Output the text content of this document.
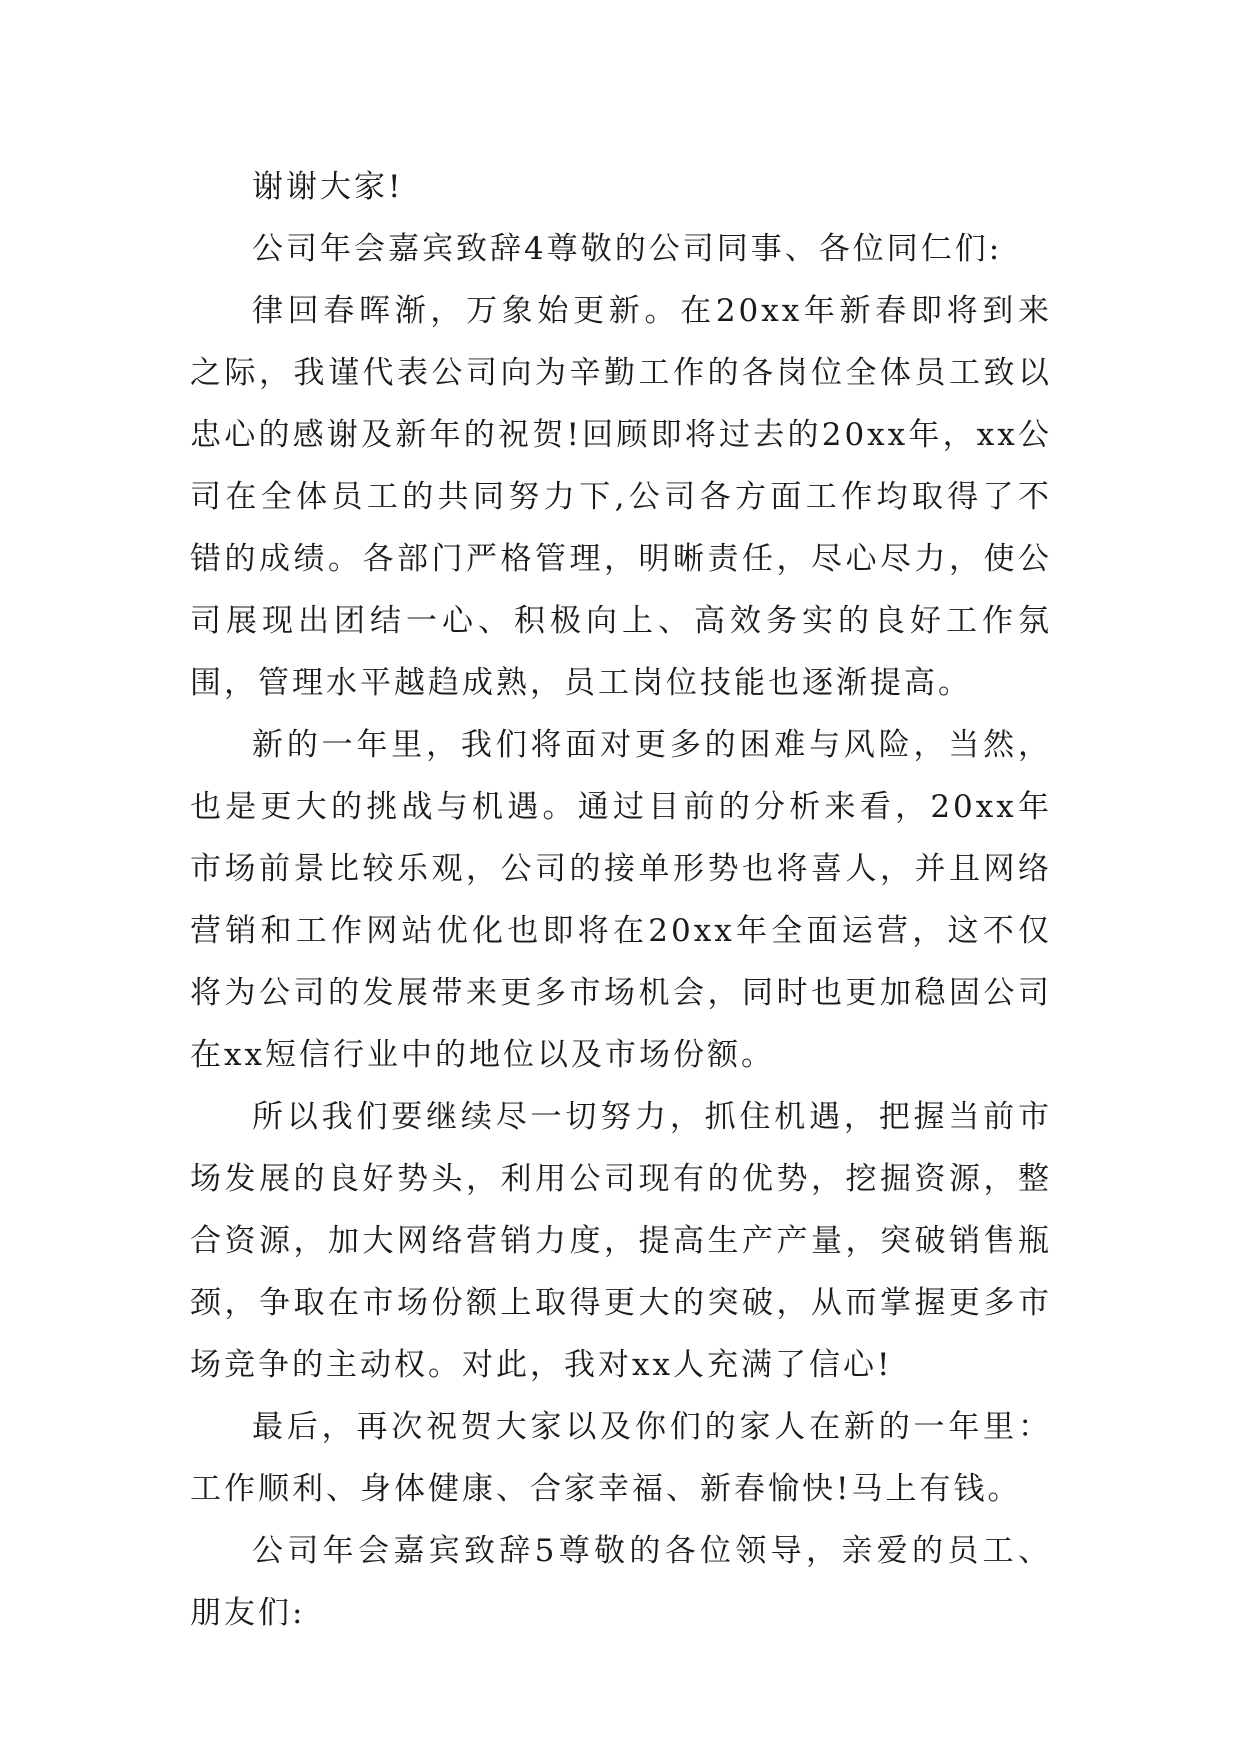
谢谢大家!

公司年会嘉宾致辞4尊敬的公司同事、各位同仁们:

律回春晖渐，万象始更新。在20xx年新春即将到来之际，我谨代表公司向为辛勤工作的各岗位全体员工致以忠心的感谢及新年的祝贺!回顾即将过去的20xx年，xx公司在全体员工的共同努力下,公司各方面工作均取得了不错的成绩。各部门严格管理，明晰责任，尽心尽力，使公司展现出团结一心、积极向上、高效务实的良好工作氛围，管理水平越趋成熟，员工岗位技能也逐渐提高。

新的一年里，我们将面对更多的困难与风险，当然，也是更大的挑战与机遇。通过目前的分析来看，20xx年市场前景比较乐观，公司的接单形势也将喜人，并且网络营销和工作网站优化也即将在20xx年全面运营，这不仅将为公司的发展带来更多市场机会，同时也更加稳固公司在xx短信行业中的地位以及市场份额。

所以我们要继续尽一切努力，抓住机遇，把握当前市场发展的良好势头，利用公司现有的优势，挖掘资源，整合资源，加大网络营销力度，提高生产产量，突破销售瓶颈，争取在市场份额上取得更大的突破，从而掌握更多市场竞争的主动权。对此，我对xx人充满了信心!

最后，再次祝贺大家以及你们的家人在新的一年里：工作顺利、身体健康、合家幸福、新春愉快!马上有钱。

公司年会嘉宾致辞5尊敬的各位领导，亲爱的员工、朋友们:
